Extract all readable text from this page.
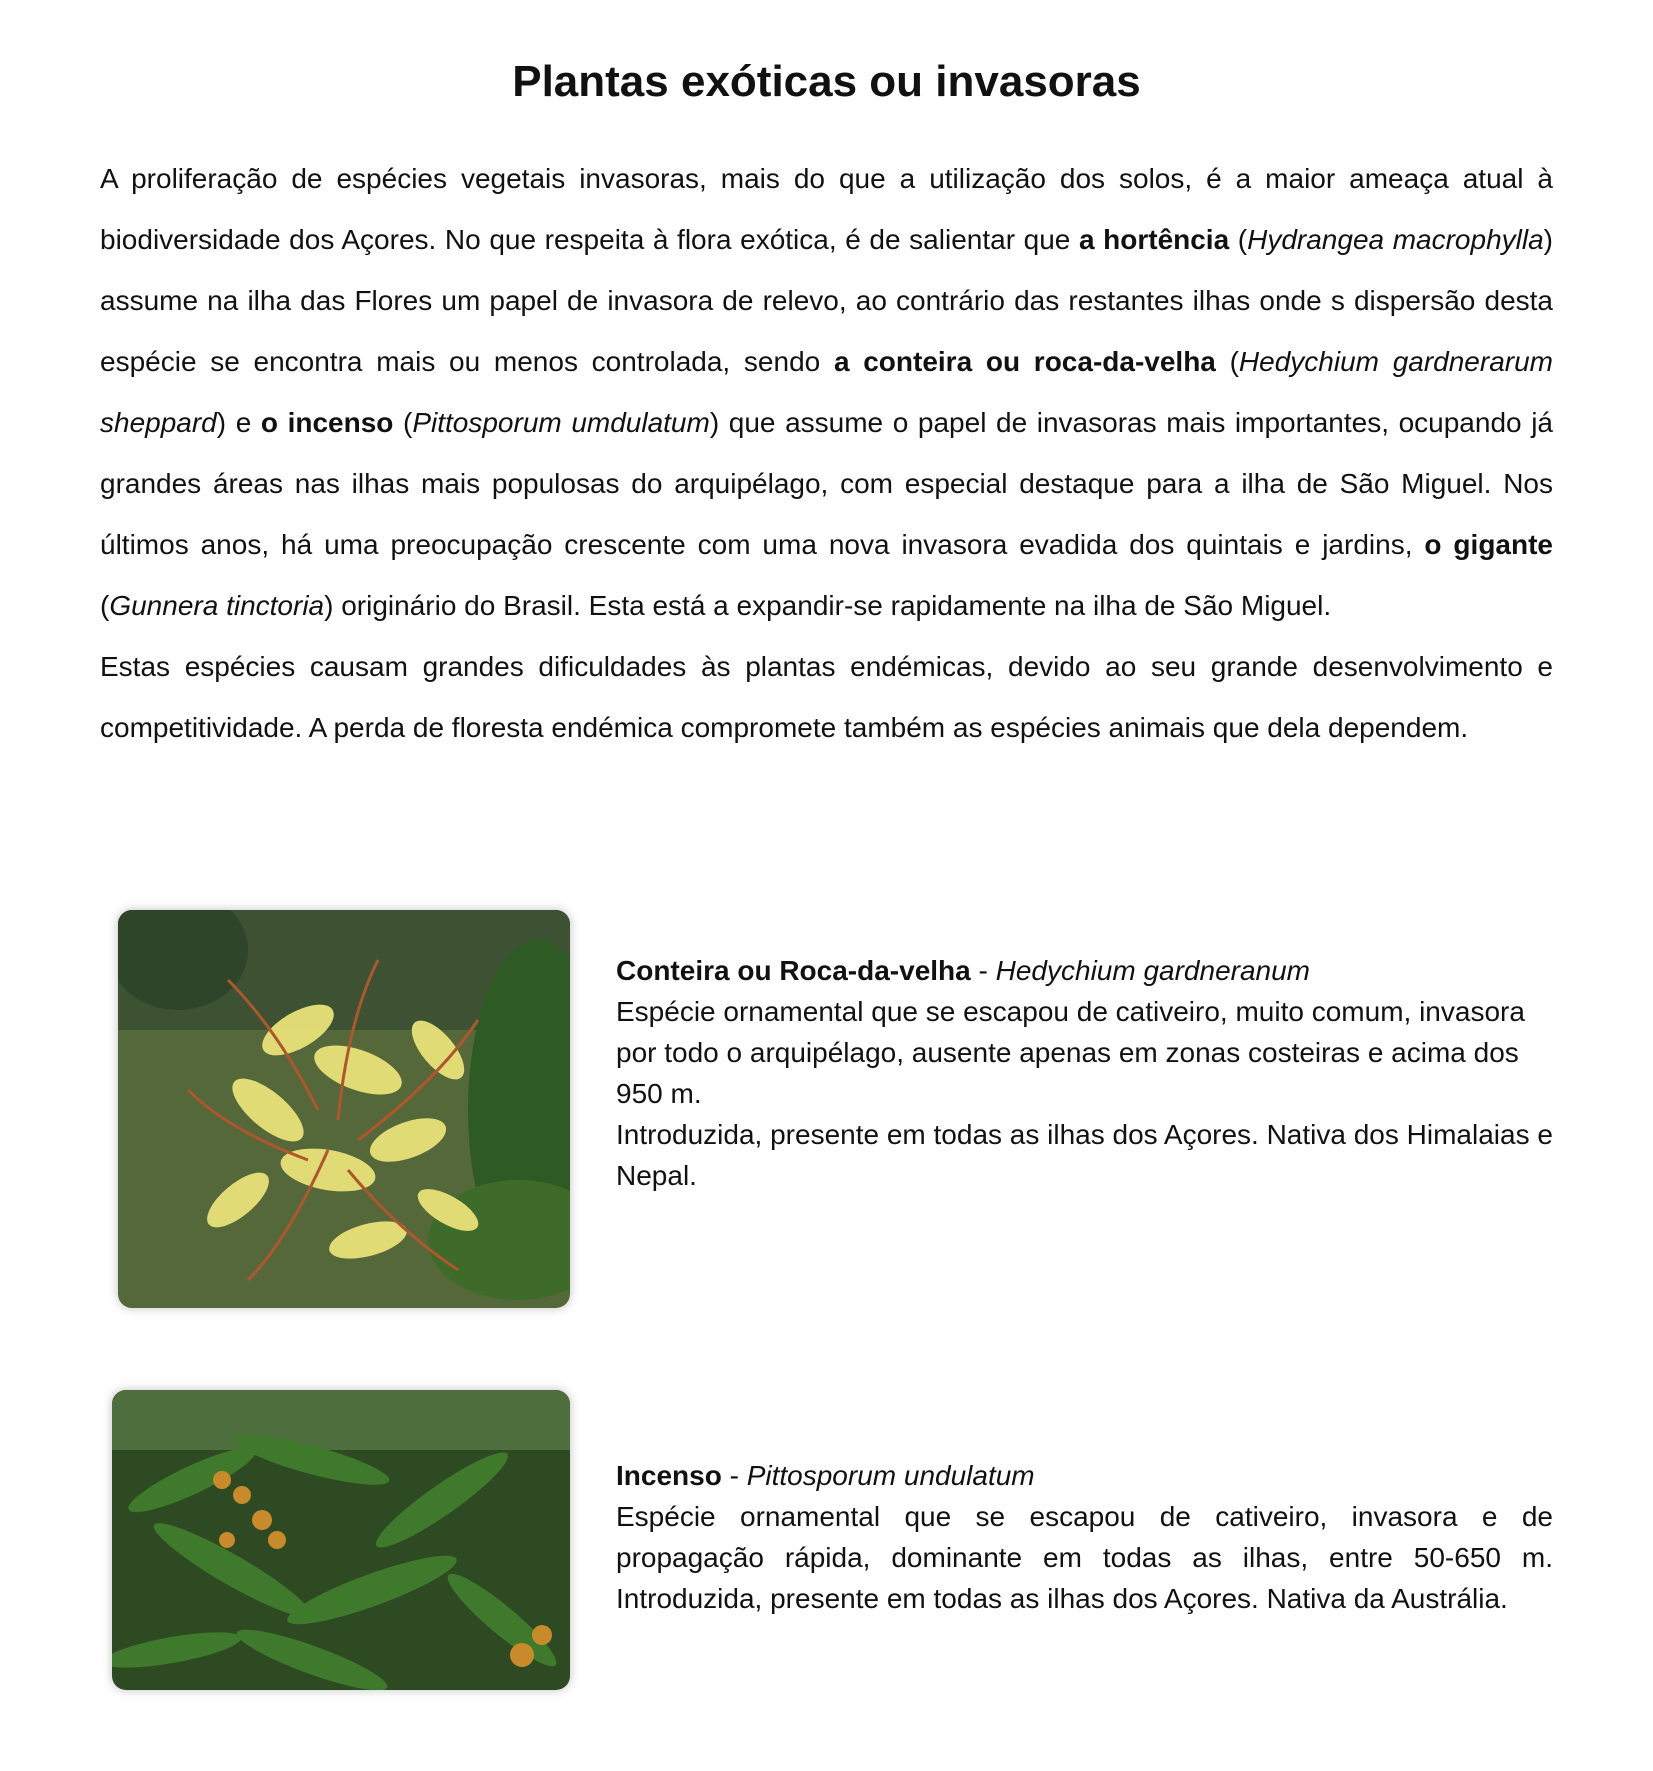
Plantas exóticas ou invasoras

A proliferação de espécies vegetais invasoras, mais do que a utilização dos solos, é a maior ameaça atual à biodiversidade dos Açores. No que respeita à flora exótica, é de salientar que a hortência (Hydrangea macrophylla) assume na ilha das Flores um papel de invasora de relevo, ao contrário das restantes ilhas onde s dispersão desta espécie se encontra mais ou menos controlada, sendo a conteira ou roca-da-velha (Hedychium gardnerarum sheppard) e o incenso (Pittosporum umdulatum) que assume o papel de invasoras mais importantes, ocupando já grandes áreas nas ilhas mais populosas do arquipélago, com especial destaque para a ilha de São Miguel. Nos últimos anos, há uma preocupação crescente com uma nova invasora evadida dos quintais e jardins, o gigante (Gunnera tinctoria) originário do Brasil. Esta está a expandir-se rapidamente na ilha de São Miguel.

Estas espécies causam grandes dificuldades às plantas endémicas, devido ao seu grande desenvolvimento e competitividade. A perda de floresta endémica compromete também as espécies animais que dela dependem.

Conteira ou Roca-da-velha - Hedychium gardneranum

Espécie ornamental que se escapou de cativeiro, muito comum, invasora por todo o arquipélago, ausente apenas em zonas costeiras e acima dos 950 m.

Introduzida, presente em todas as ilhas dos Açores. Nativa dos Himalaias e Nepal.

Incenso - Pittosporum undulatum

Espécie ornamental que se escapou de cativeiro, invasora e de propagação rápida, dominante em todas as ilhas, entre 50-650 m. Introduzida, presente em todas as ilhas dos Açores. Nativa da Austrália.
